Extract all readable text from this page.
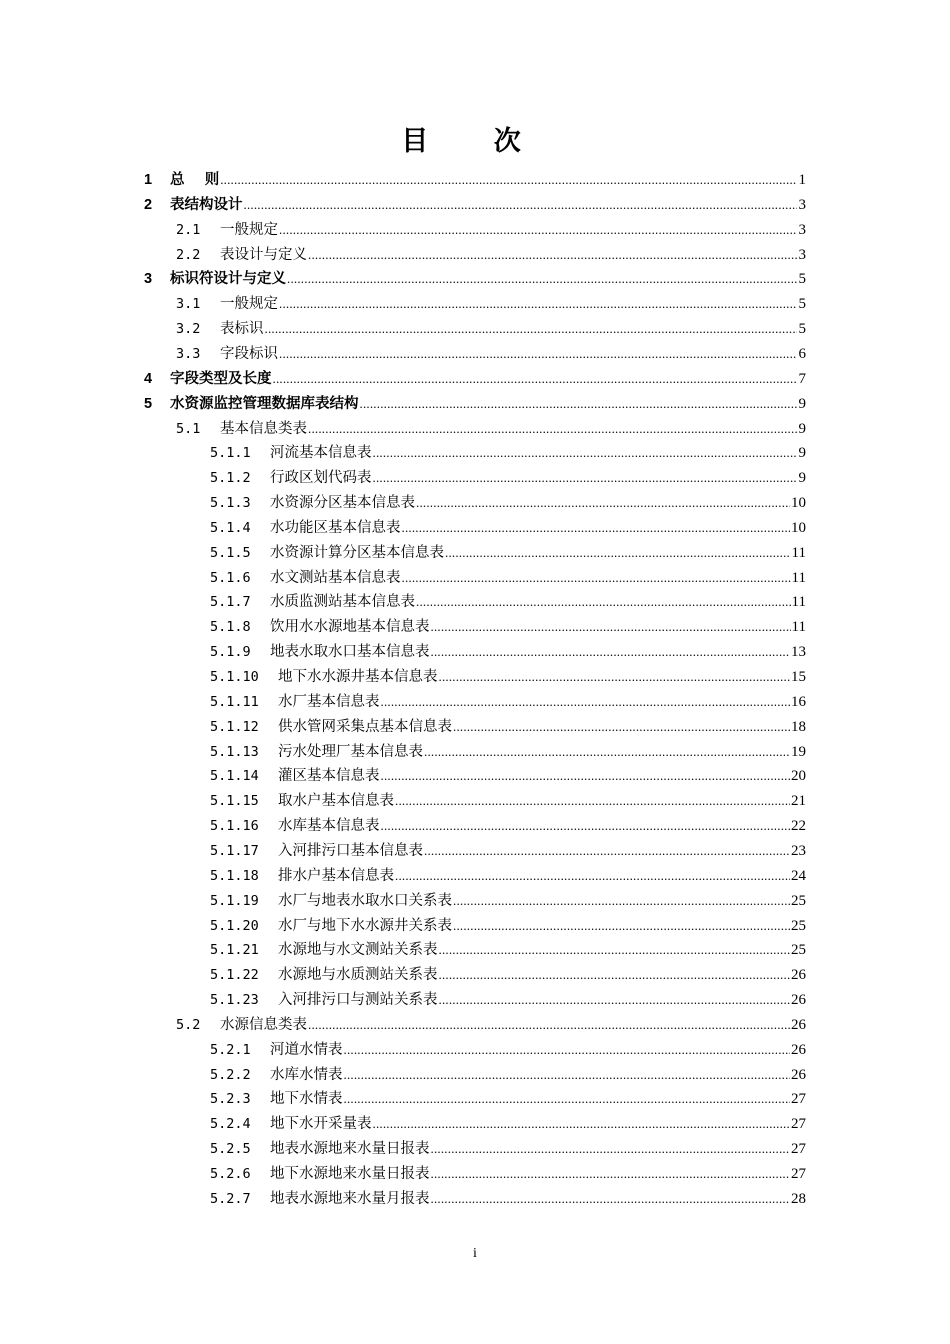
目 次
1	总    则 .....	1
2	表结构设计 .....	3
2.1	一般规定 .....	3
2.2	表设计与定义 .....	3
3	标识符设计与定义 .....	5
3.1	一般规定 .....	5
3.2	表标识 .....	5
3.3	字段标识 .....	6
4	字段类型及长度 .....	7
5	水资源监控管理数据库表结构 .....	9
5.1	基本信息类表 .....	9
5.1.1	河流基本信息表 .....	9
5.1.2	行政区划代码表 .....	9
5.1.3	水资源分区基本信息表 .....	10
5.1.4	水功能区基本信息表 .....	10
5.1.5	水资源计算分区基本信息表 .....	11
5.1.6	水文测站基本信息表 .....	11
5.1.7	水质监测站基本信息表 .....	11
5.1.8	饮用水水源地基本信息表 .....	11
5.1.9	地表水取水口基本信息表 .....	13
5.1.10	地下水水源井基本信息表 .....	15
5.1.11	水厂基本信息表 .....	16
5.1.12	供水管网采集点基本信息表 .....	18
5.1.13	污水处理厂基本信息表 .....	19
5.1.14	灌区基本信息表 .....	20
5.1.15	取水户基本信息表 .....	21
5.1.16	水库基本信息表 .....	22
5.1.17	入河排污口基本信息表 .....	23
5.1.18	排水户基本信息表 .....	24
5.1.19	水厂与地表水取水口关系表 .....	25
5.1.20	水厂与地下水水源井关系表 .....	25
5.1.21	水源地与水文测站关系表 .....	25
5.1.22	水源地与水质测站关系表 .....	26
5.1.23	入河排污口与测站关系表 .....	26
5.2	水源信息类表 .....	26
5.2.1	河道水情表 .....	26
5.2.2	水库水情表 .....	26
5.2.3	地下水情表 .....	27
5.2.4	地下水开采量表 .....	27
5.2.5	地表水源地来水量日报表 .....	27
5.2.6	地下水源地来水量日报表 .....	27
5.2.7	地表水源地来水量月报表 .....	28
i
